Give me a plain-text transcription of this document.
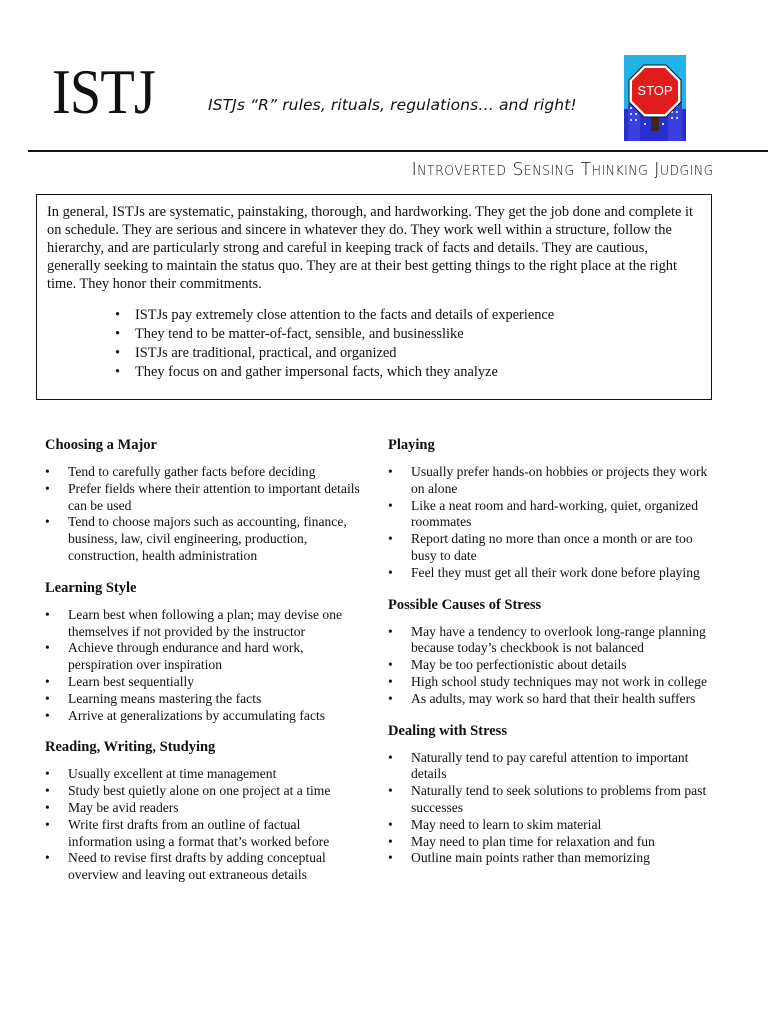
ISTJ	ISTJs “R” rules, rituals, regulations… and right!
STOP
Introverted Sensing Thinking Judging

In general, ISTJs are systematic, painstaking, thorough, and hardworking. They get the job done and complete it on schedule. They are serious and sincere in whatever they do. They work well within a structure, follow the hierarchy, and are particularly strong and careful in keeping track of facts and details. They are cautious, generally seeking to maintain the status quo. They are at their best getting things to the right place at the right time. They honor their commitments.

• ISTJs pay extremely close attention to the facts and details of experience
• They tend to be matter-of-fact, sensible, and businesslike
• ISTJs are traditional, practical, and organized
• They focus on and gather impersonal facts, which they analyze
Choosing a Major
• Tend to carefully gather facts before deciding
• Prefer fields where their attention to important details can be used
• Tend to choose majors such as accounting, finance, business, law, civil engineering, production, construction, health administration
Learning Style
• Learn best when following a plan; may devise one themselves if not provided by the instructor
• Achieve through endurance and hard work, perspiration over inspiration
• Learn best sequentially
• Learning means mastering the facts
• Arrive at generalizations by accumulating facts
Reading, Writing, Studying
• Usually excellent at time management
• Study best quietly alone on one project at a time
• May be avid readers
• Write first drafts from an outline of factual information using a format that’s worked before
• Need to revise first drafts by adding conceptual overview and leaving out extraneous details
Playing
• Usually prefer hands-on hobbies or projects they work on alone
• Like a neat room and hard-working, quiet, organized roommates
• Report dating no more than once a month or are too busy to date
• Feel they must get all their work done before playing
Possible Causes of Stress
• May have a tendency to overlook long-range planning because today’s checkbook is not balanced
• May be too perfectionistic about details
• High school study techniques may not work in college
• As adults, may work so hard that their health suffers
Dealing with Stress
• Naturally tend to pay careful attention to important details
• Naturally tend to seek solutions to problems from past successes
• May need to learn to skim material
• May need to plan time for relaxation and fun
• Outline main points rather than memorizing
